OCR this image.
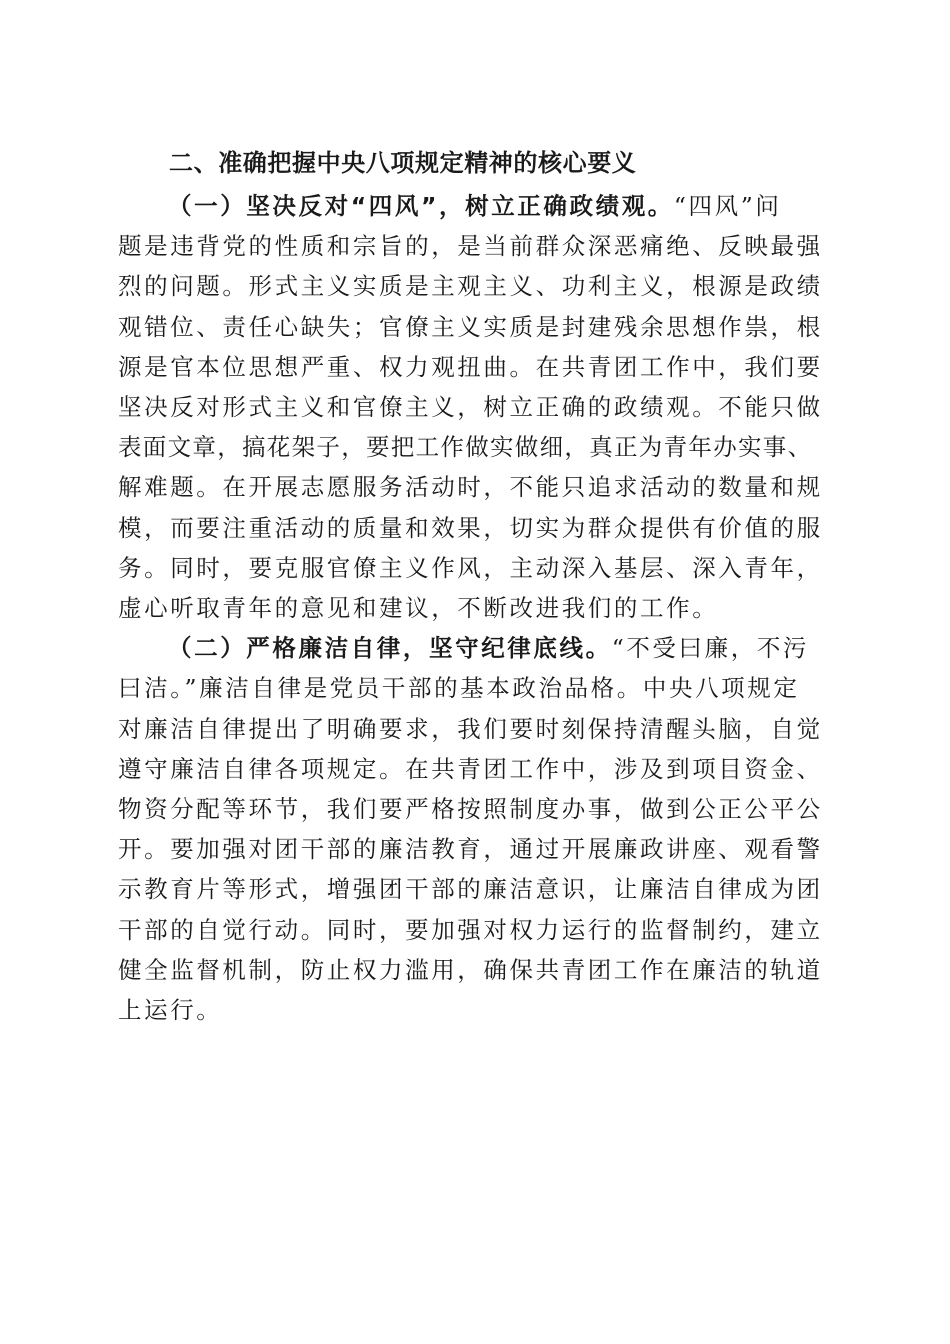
二、准确把握中央八项规定精神的核心要义

（一）坚决反对“四风”，树立正确政绩观。“四风”问
题是违背党的性质和宗旨的，是当前群众深恶痛绝、反映最强
烈的问题。形式主义实质是主观主义、功利主义，根源是政绩
观错位、责任心缺失；官僚主义实质是封建残余思想作祟，根
源是官本位思想严重、权力观扭曲。在共青团工作中，我们要
坚决反对形式主义和官僚主义，树立正确的政绩观。不能只做
表面文章，搞花架子，要把工作做实做细，真正为青年办实事、
解难题。在开展志愿服务活动时，不能只追求活动的数量和规
模，而要注重活动的质量和效果，切实为群众提供有价值的服
务。同时，要克服官僚主义作风，主动深入基层、深入青年，
虚心听取青年的意见和建议，不断改进我们的工作。

（二）严格廉洁自律，坚守纪律底线。“不受曰廉，不污
曰洁。”廉洁自律是党员干部的基本政治品格。中央八项规定
对廉洁自律提出了明确要求，我们要时刻保持清醒头脑，自觉
遵守廉洁自律各项规定。在共青团工作中，涉及到项目资金、
物资分配等环节，我们要严格按照制度办事，做到公正公平公
开。要加强对团干部的廉洁教育，通过开展廉政讲座、观看警
示教育片等形式，增强团干部的廉洁意识，让廉洁自律成为团
干部的自觉行动。同时，要加强对权力运行的监督制约，建立
健全监督机制，防止权力滥用，确保共青团工作在廉洁的轨道
上运行。
